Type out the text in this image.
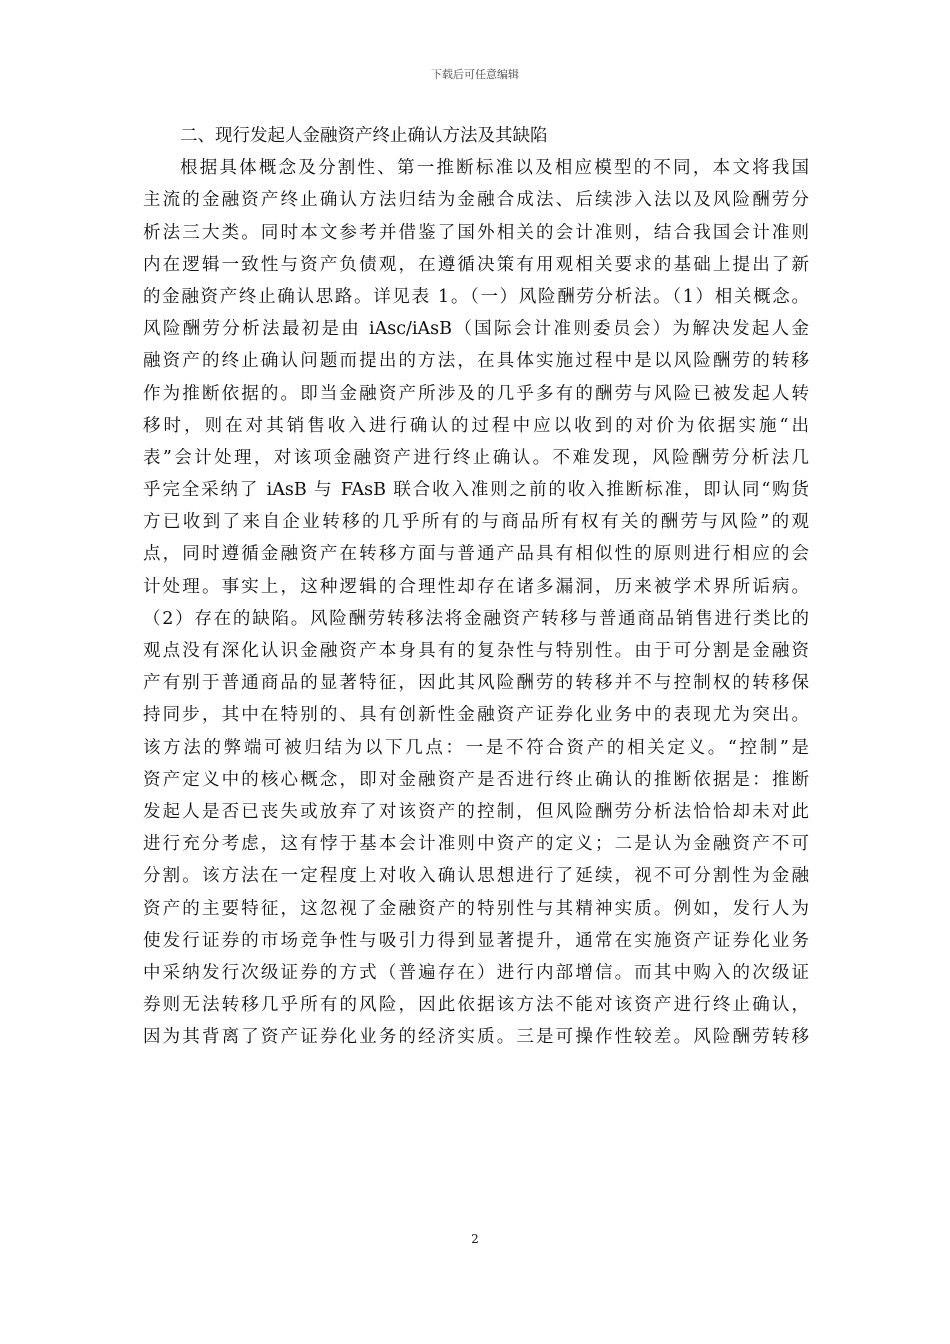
下载后可任意编辑
二、现行发起人金融资产终止确认方法及其缺陷
根据具体概念及分割性、第一推断标准以及相应模型的不同，本文将我国
主流的金融资产终止确认方法归结为金融合成法、后续涉入法以及风险酬劳分
析法三大类。同时本文参考并借鉴了国外相关的会计准则，结合我国会计准则
内在逻辑一致性与资产负债观，在遵循决策有用观相关要求的基础上提出了新
的金融资产终止确认思路。详见表 1。（一）风险酬劳分析法。（1）相关概念。
风险酬劳分析法最初是由 iAsc/iAsB（国际会计准则委员会）为解决发起人金
融资产的终止确认问题而提出的方法，在具体实施过程中是以风险酬劳的转移
作为推断依据的。即当金融资产所涉及的几乎多有的酬劳与风险已被发起人转
移时，则在对其销售收入进行确认的过程中应以收到的对价为依据实施“出
表”会计处理，对该项金融资产进行终止确认。不难发现，风险酬劳分析法几
乎完全采纳了 iAsB 与 FAsB 联合收入准则之前的收入推断标准，即认同“购货
方已收到了来自企业转移的几乎所有的与商品所有权有关的酬劳与风险”的观
点，同时遵循金融资产在转移方面与普通产品具有相似性的原则进行相应的会
计处理。事实上，这种逻辑的合理性却存在诸多漏洞，历来被学术界所诟病。
（2）存在的缺陷。风险酬劳转移法将金融资产转移与普通商品销售进行类比的
观点没有深化认识金融资产本身具有的复杂性与特别性。由于可分割是金融资
产有别于普通商品的显著特征，因此其风险酬劳的转移并不与控制权的转移保
持同步，其中在特别的、具有创新性金融资产证券化业务中的表现尤为突出。
该方法的弊端可被归结为以下几点：一是不符合资产的相关定义。“控制”是
资产定义中的核心概念，即对金融资产是否进行终止确认的推断依据是：推断
发起人是否已丧失或放弃了对该资产的控制，但风险酬劳分析法恰恰却未对此
进行充分考虑，这有悖于基本会计准则中资产的定义；二是认为金融资产不可
分割。该方法在一定程度上对收入确认思想进行了延续，视不可分割性为金融
资产的主要特征，这忽视了金融资产的特别性与其精神实质。例如，发行人为
使发行证券的市场竞争性与吸引力得到显著提升，通常在实施资产证券化业务
中采纳发行次级证券的方式（普遍存在）进行内部增信。而其中购入的次级证
券则无法转移几乎所有的风险，因此依据该方法不能对该资产进行终止确认，
因为其背离了资产证券化业务的经济实质。三是可操作性较差。风险酬劳转移
2
